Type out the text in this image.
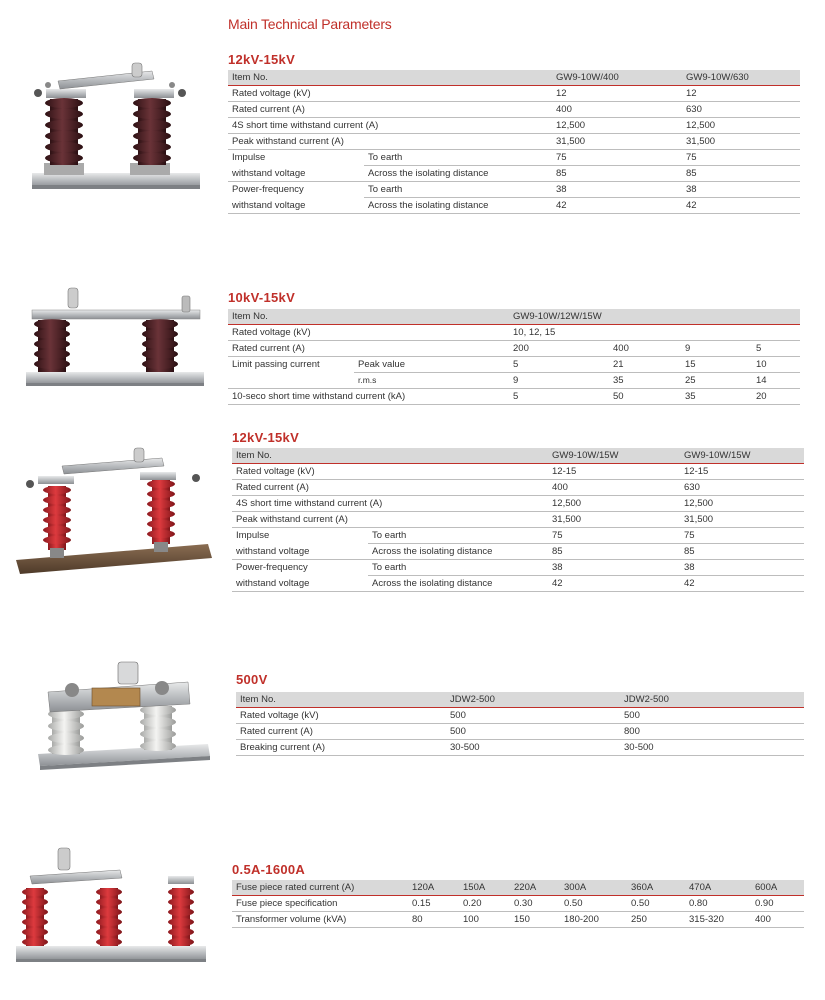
Main Technical Parameters
12kV-15kV
Item No.		GW9-10W/400	GW9-10W/630
Rated voltage (kV)		12	12
Rated current (A)		400	630
4S short time withstand current (A)		12,500	12,500
Peak withstand current (A)		31,500	31,500
Impulse	To earth	75	75
withstand voltage	Across the isolating distance	85	85
Power-frequency	To earth	38	38
withstand voltage	Across the isolating distance	42	42
10kV-15kV
Item No.		GW9-10W/12W/15W			
Rated voltage (kV)		10, 12, 15			
Rated current (A)		200	400	9	5
Limit passing current	Peak value	5	21	15	10
	r.m.s	9	35	25	14
10-seco short time withstand current (kA)		5	50	35	20
12kV-15kV
Item No.		GW9-10W/15W	GW9-10W/15W
Rated voltage (kV)		12-15	12-15
Rated current (A)		400	630
4S short time withstand current (A)		12,500	12,500
Peak withstand current (A)		31,500	31,500
Impulse	To earth	75	75
withstand voltage	Across the isolating distance	85	85
Power-frequency	To earth	38	38
withstand voltage	Across the isolating distance	42	42
500V
Item No.	JDW2-500	JDW2-500
Rated voltage (kV)	500	500
Rated current (A)	500	800
Breaking current (A)	30-500	30-500
0.5A-1600A
Fuse piece rated current (A)	120A	150A	220A	300A	360A	470A	600A
Fuse piece specification	0.15	0.20	0.30	0.50	0.50	0.80	0.90
Transformer volume (kVA)	80	100	150	180-200	250	315-320	400
